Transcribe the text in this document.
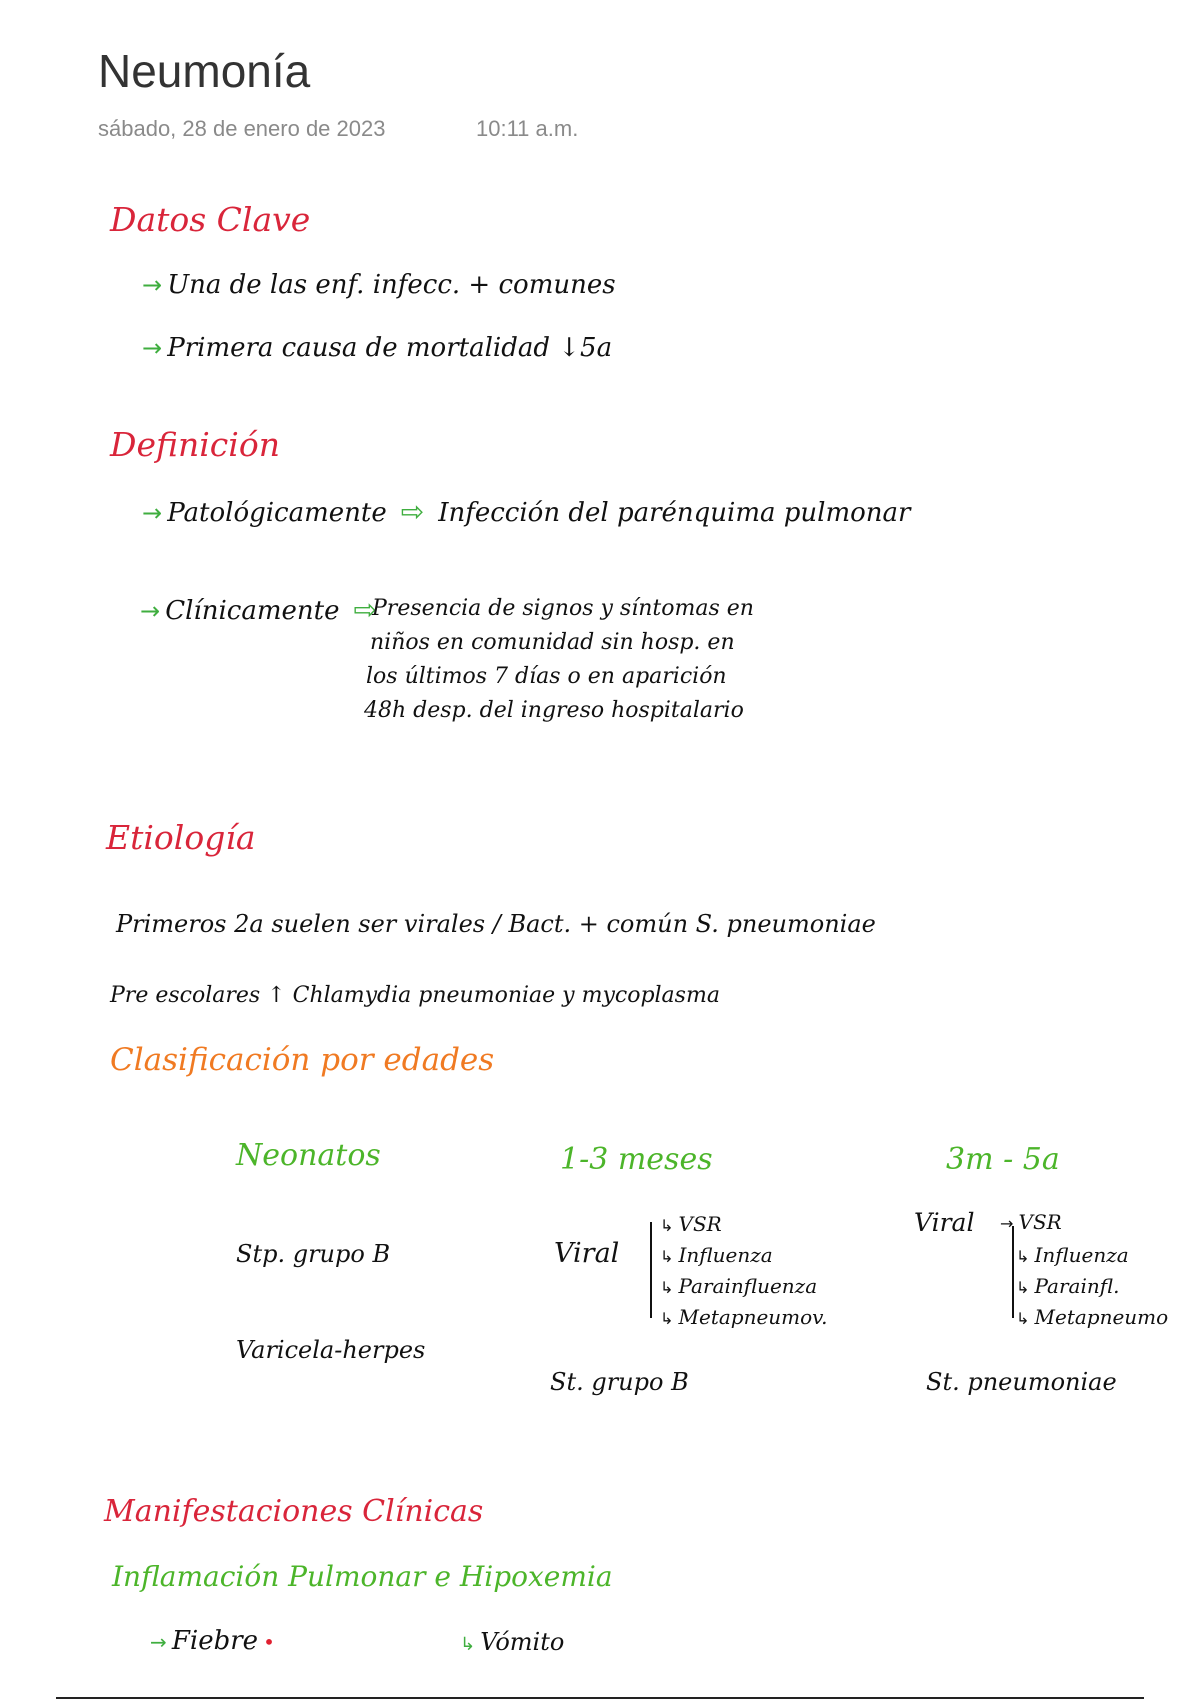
Neumonía
sábado, 28 de enero de 2023	10:11 a.m.
Datos Clave
→ Una de las enf. infecc. + comunes
→ Primera causa de mortalidad ↓5a
Definición
→ Patológicamente  ⇨  Infección del parénquima pulmonar
→ Clínicamente  ⇨
Presencia de signos y síntomas en
niños en comunidad sin hosp. en
los últimos 7 días o en aparición
48h desp. del ingreso hospitalario
Etiología
Primeros 2a suelen ser virales / Bact. + común S. pneumoniae
Pre escolares ↑ Chlamydia pneumoniae y mycoplasma
Clasificación por edades
Neonatos
Stp. grupo B
Varicela-herpes
1-3 meses
Viral
↳ VSR
↳ Influenza
↳ Parainfluenza
↳ Metapneumov.
St. grupo B
3m - 5a
Viral → VSR
↳ Influenza
↳ Parainfl.
↳ Metapneumo
St. pneumoniae
Manifestaciones Clínicas
Inflamación Pulmonar e Hipoxemia
→ Fiebre •	↳ Vómito
